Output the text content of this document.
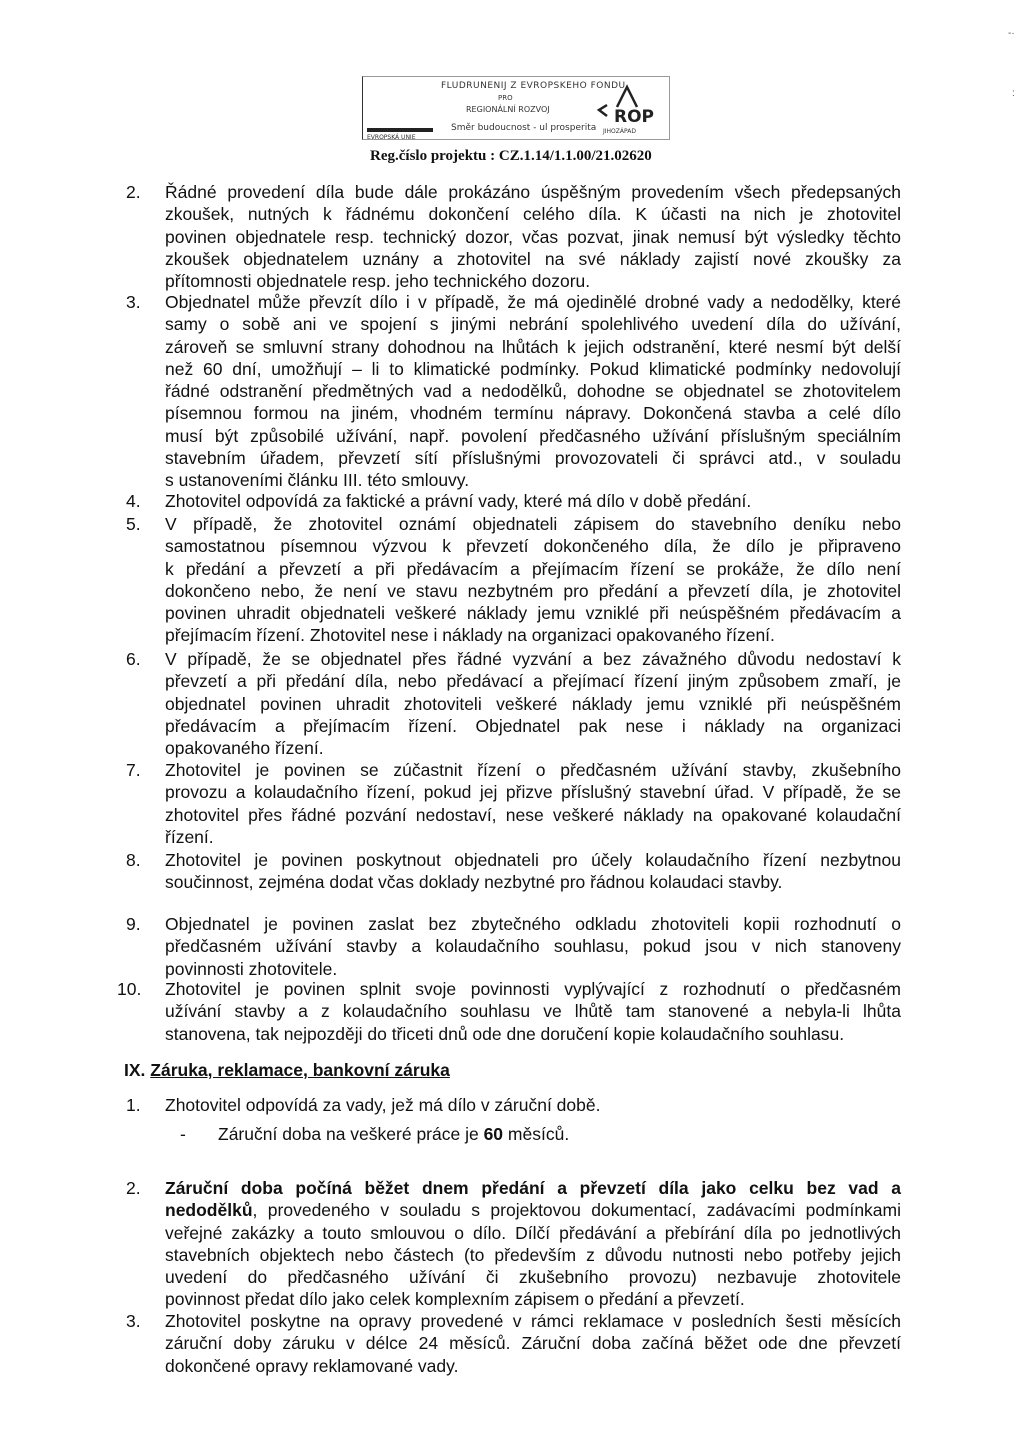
FLUDRUNENIJ Z EVROPSKEHO FONDU
PRO
REGIONÁLNÍ ROZVOJ
Směr budoucnost - ul prosperita
EVROPSKÁ UNIE
ROP
JIHOZÁPAD
Reg.číslo projektu : CZ.1.14/1.1.00/21.02620
2. Řádné provedení díla bude dále prokázáno úspěšným provedením všech předepsaných
zkoušek, nutných k řádnému dokončení celého díla. K účasti na nich je zhotovitel
povinen objednatele resp. technický dozor, včas pozvat, jinak nemusí být výsledky těchto
zkoušek objednatelem uznány a zhotovitel na své náklady zajistí nové zkoušky za
přítomnosti objednatele resp. jeho technického dozoru.
3. Objednatel může převzít dílo i v případě, že má ojedinělé drobné vady a nedodělky, které
samy o sobě ani ve spojení s jinými nebrání spolehlivého uvedení díla do užívání,
zároveň se smluvní strany dohodnou na lhůtách k jejich odstranění, které nesmí být delší
než 60 dní, umožňují – li to klimatické podmínky. Pokud klimatické podmínky nedovolují
řádné odstranění předmětných vad a nedodělků, dohodne se objednatel se zhotovitelem
písemnou formou na jiném, vhodném termínu nápravy. Dokončená stavba a celé dílo
musí být způsobilé užívání, např. povolení předčasného užívání příslušným speciálním
stavebním úřadem, převzetí sítí příslušnými provozovateli či správci atd., v souladu
s ustanoveními článku III. této smlouvy.
4. Zhotovitel odpovídá za faktické a právní vady, které má dílo v době předání.
5. V případě, že zhotovitel oznámí objednateli zápisem do stavebního deníku nebo
samostatnou písemnou výzvou k převzetí dokončeného díla, že dílo je připraveno
k předání a převzetí a při předávacím a přejímacím řízení se prokáže, že dílo není
dokončeno nebo, že není ve stavu nezbytném pro předání a převzetí díla, je zhotovitel
povinen uhradit objednateli veškeré náklady jemu vzniklé při neúspěšném předávacím a
přejímacím řízení. Zhotovitel nese i náklady na organizaci opakovaného řízení.
6. V případě, že se objednatel přes řádné vyzvání a bez závažného důvodu nedostaví k
převzetí a při předání díla, nebo předávací a přejímací řízení jiným způsobem zmaří, je
objednatel povinen uhradit zhotoviteli veškeré náklady jemu vzniklé při neúspěšném
předávacím a přejímacím řízení. Objednatel pak nese i náklady na organizaci
opakovaného řízení.
7. Zhotovitel je povinen se zúčastnit řízení o předčasném užívání stavby, zkušebního
provozu a kolaudačního řízení, pokud jej přizve příslušný stavební úřad. V případě, že se
zhotovitel přes řádné pozvání nedostaví, nese veškeré náklady na opakované kolaudační
řízení.
8. Zhotovitel je povinen poskytnout objednateli pro účely kolaudačního řízení nezbytnou
součinnost, zejména dodat včas doklady nezbytné pro řádnou kolaudaci stavby.
9. Objednatel je povinen zaslat bez zbytečného odkladu zhotoviteli kopii rozhodnutí o
předčasném užívání stavby a kolaudačního souhlasu, pokud jsou v nich stanoveny
povinnosti zhotovitele.
10. Zhotovitel je povinen splnit svoje povinnosti vyplývající z rozhodnutí o předčasném
užívání stavby a z kolaudačního souhlasu ve lhůtě tam stanovené a nebyla-li lhůta
stanovena, tak nejpozději do třiceti dnů ode dne doručení kopie kolaudačního souhlasu.
IX. Záruka, reklamace, bankovní záruka
1. Zhotovitel odpovídá za vady, jež má dílo v záruční době.
- Záruční doba na veškeré práce je 60 měsíců.
2. Záruční doba počíná běžet dnem předání a převzetí díla jako celku bez vad a
nedodělků, provedeného v souladu s projektovou dokumentací, zadávacími podmínkami
veřejné zakázky a touto smlouvou o dílo. Dílčí předávání a přebírání díla po jednotlivých
stavebních objektech nebo částech (to především z důvodu nutnosti nebo potřeby jejich
uvedení do předčasného užívání či zkušebního provozu) nezbavuje zhotovitele
povinnost předat dílo jako celek komplexním zápisem o předání a převzetí.
3. Zhotovitel poskytne na opravy provedené v rámci reklamace v posledních šesti měsících
záruční doby záruku v délce 24 měsíců. Záruční doba začíná běžet ode dne převzetí
dokončené opravy reklamované vady.
-·
:
